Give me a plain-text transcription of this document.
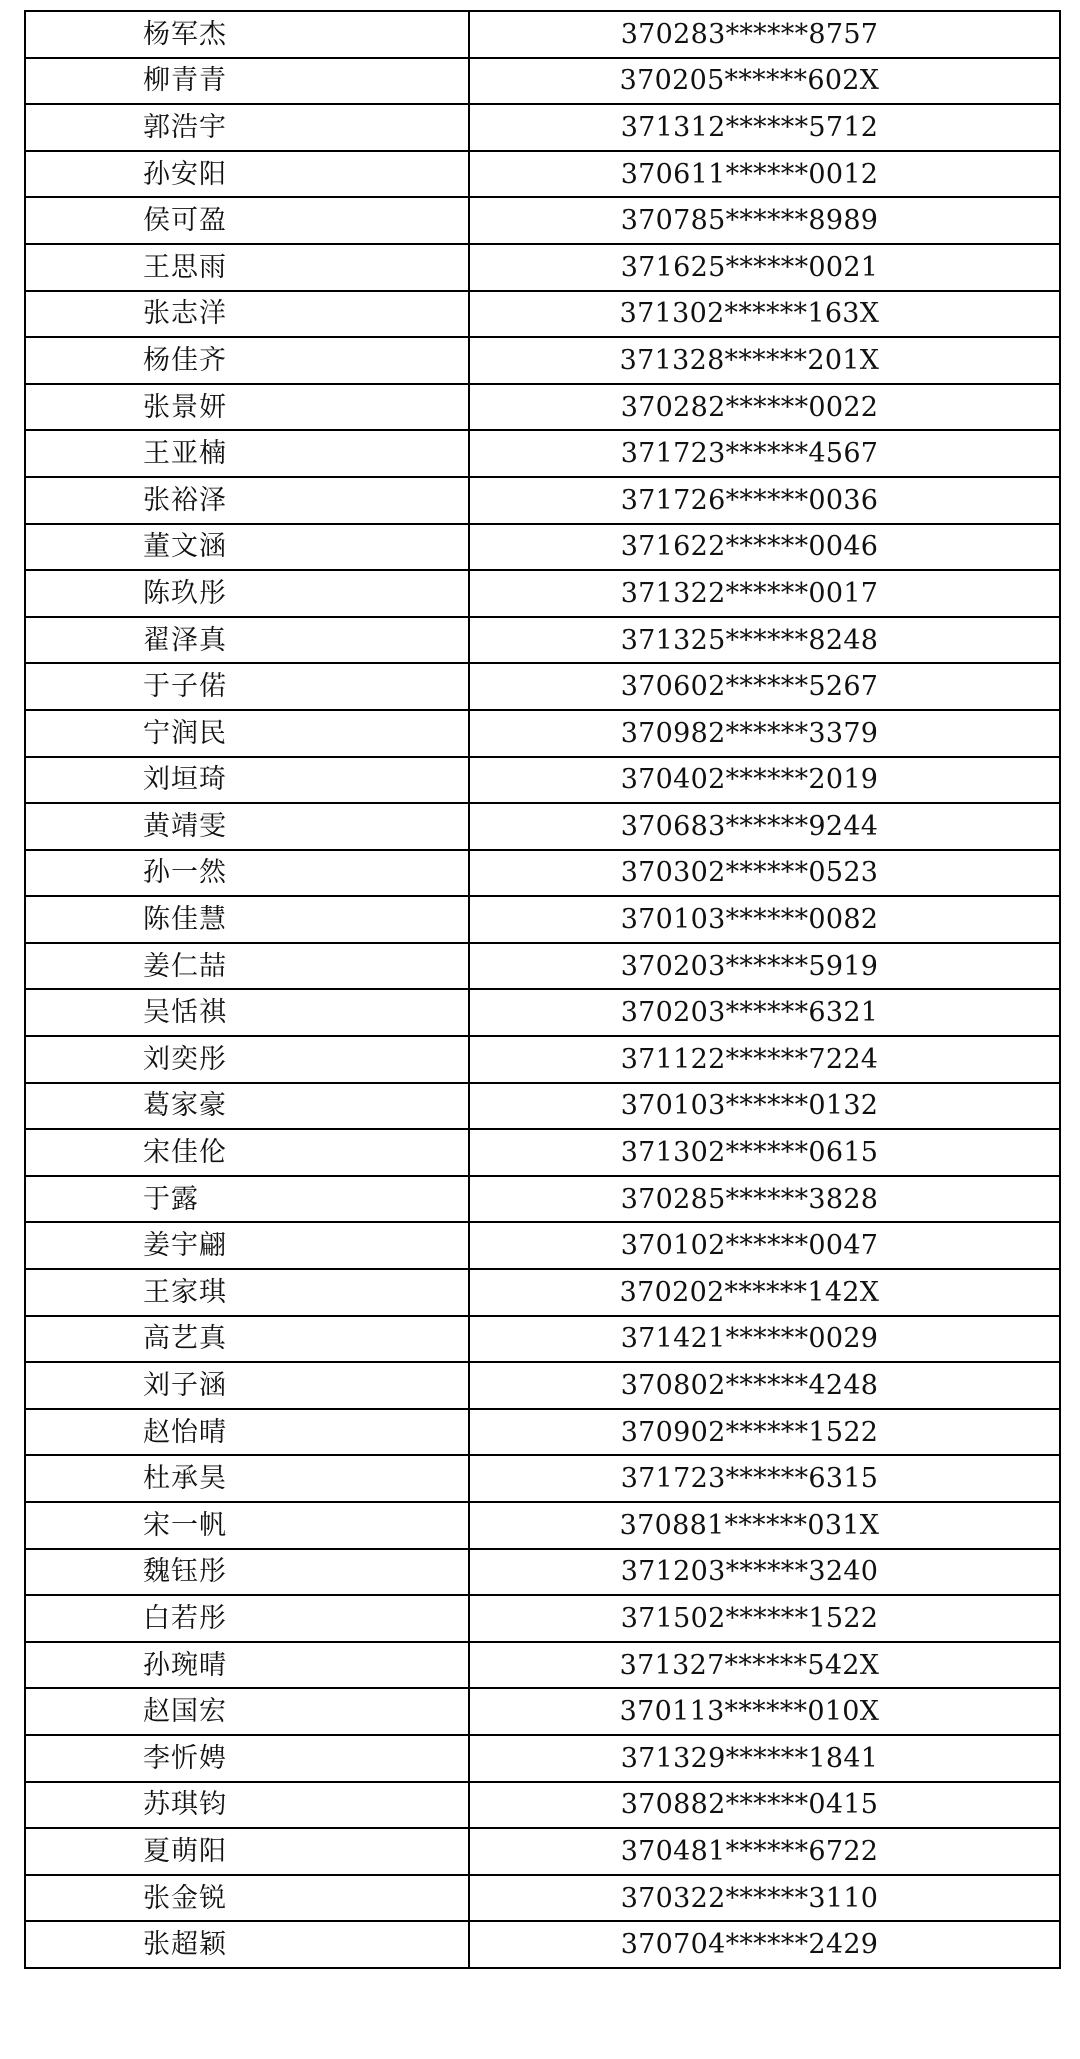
杨军杰	370283******8757
柳青青	370205******602X
郭浩宇	371312******5712
孙安阳	370611******0012
侯可盈	370785******8989
王思雨	371625******0021
张志洋	371302******163X
杨佳齐	371328******201X
张景妍	370282******0022
王亚楠	371723******4567
张裕泽	371726******0036
董文涵	371622******0046
陈玖彤	371322******0017
翟泽真	371325******8248
于子偌	370602******5267
宁润民	370982******3379
刘垣琦	370402******2019
黄靖雯	370683******9244
孙一然	370302******0523
陈佳慧	370103******0082
姜仁喆	370203******5919
吴恬祺	370203******6321
刘奕彤	371122******7224
葛家豪	370103******0132
宋佳伦	371302******0615
于露	370285******3828
姜宇翩	370102******0047
王家琪	370202******142X
高艺真	371421******0029
刘子涵	370802******4248
赵怡晴	370902******1522
杜承昊	371723******6315
宋一帆	370881******031X
魏钰彤	371203******3240
白若彤	371502******1522
孙琬晴	371327******542X
赵国宏	370113******010X
李忻娉	371329******1841
苏琪钧	370882******0415
夏萌阳	370481******6722
张金锐	370322******3110
张超颖	370704******2429
